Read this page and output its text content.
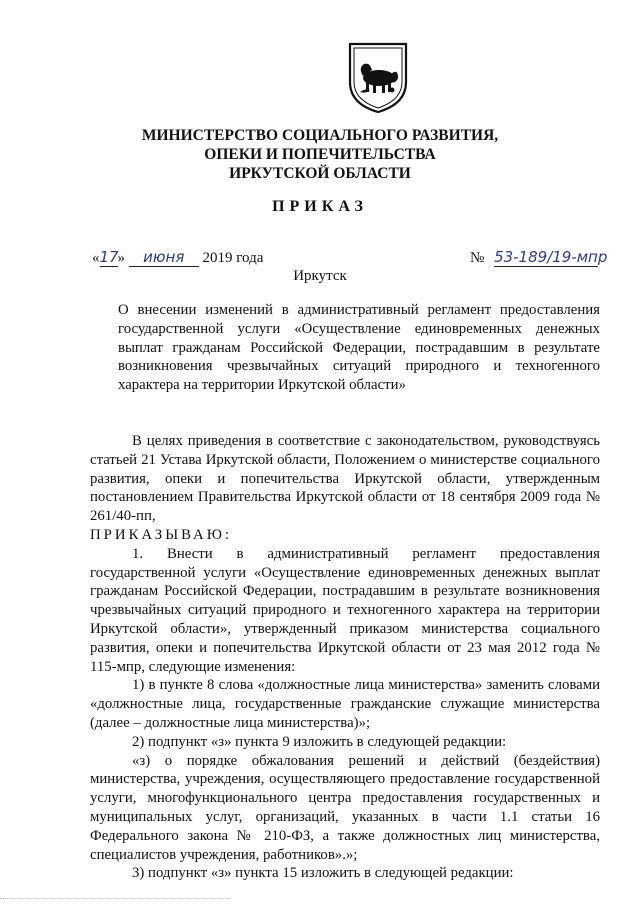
МИНИСТЕРСТВО СОЦИАЛЬНОГО РАЗВИТИЯ,
ОПЕКИ И ПОПЕЧИТЕЛЬСТВА
ИРКУТСКОЙ ОБЛАСТИ
ПРИКАЗ
«17» июня 2019 года	№ 53-189/19-мпр
Иркутск
О внесении изменений в административный регламент предоставления государственной услуги «Осуществление единовременных денежных выплат гражданам Российской Федерации, пострадавшим в результате возникновения чрезвычайных ситуаций природного и техногенного характера на территории Иркутской области»

В целях приведения в соответствие с законодательством, руководствуясь статьей 21 Устава Иркутской области, Положением о министерстве социального развития, опеки и попечительства Иркутской области, утвержденным постановлением Правительства Иркутской области от 18 сентября 2009 года № 261/40-пп,

ПРИКАЗЫВАЮ:

1. Внести в административный регламент предоставления государственной услуги «Осуществление единовременных денежных выплат гражданам Российской Федерации, пострадавшим в результате возникновения чрезвычайных ситуаций природного и техногенного характера на территории Иркутской области», утвержденный приказом министерства социального развития, опеки и попечительства Иркутской области от 23 мая 2012 года № 115-мпр, следующие изменения:

1) в пункте 8 слова «должностные лица министерства» заменить словами «должностные лица, государственные гражданские служащие министерства (далее – должностные лица министерства)»;

2) подпункт «з» пункта 9 изложить в следующей редакции:

«з) о порядке обжалования решений и действий (бездействия) министерства, учреждения, осуществляющего предоставление государственной услуги, многофункционального центра предоставления государственных и муниципальных услуг, организаций, указанных в части 1.1 статьи 16 Федерального закона № 210-ФЗ, а также должностных лиц министерства, специалистов учреждения, работников».»;

3) подпункт «з» пункта 15 изложить в следующей редакции:
